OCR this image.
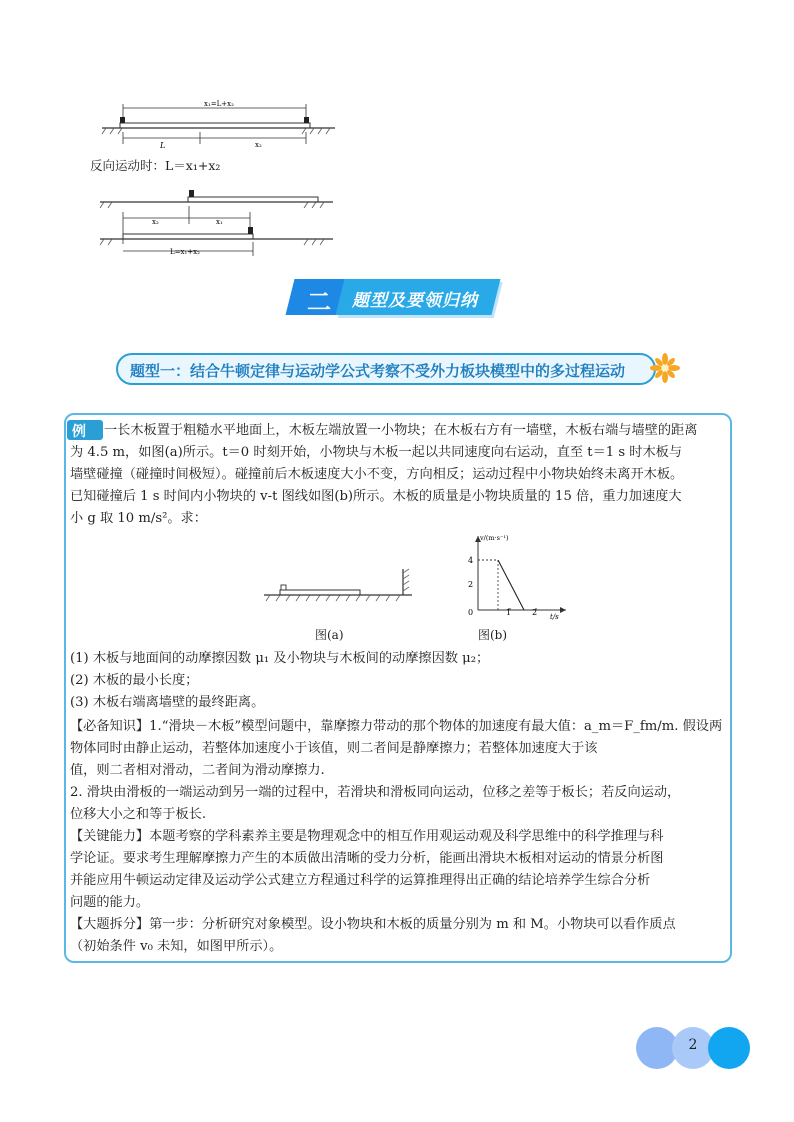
x₁=L+x₂
L	x₂
反向运动时：L＝x₁+x₂
x₂	x₁
L=x₁+x₂
二 题型及要领归纳
题型一：结合牛顿定律与运动学公式考察不受外力板块模型中的多过程运动
例 1 一长木板置于粗糙水平地面上，木板左端放置一小物块；在木板右方有一墙壁，木板右端与墙壁的距离
为 4.5 m，如图(a)所示。t＝0 时刻开始，小物块与木板一起以共同速度向右运动，直至 t＝1 s 时木板与
墙壁碰撞（碰撞时间极短）。碰撞前后木板速度大小不变，方向相反；运动过程中小物块始终未离开木板。
已知碰撞后 1 s 时间内小物块的 v-t 图线如图(b)所示。木板的质量是小物块质量的 15 倍，重力加速度大
小 g 取 10 m/s²。求：
图(a)
v/(m·s⁻¹)
t/s
4
2
0	1	2
图(b)
(1) 木板与地面间的动摩擦因数 μ₁ 及小物块与木板间的动摩擦因数 μ₂；
(2) 木板的最小长度；
(3) 木板右端离墙壁的最终距离。
【必备知识】1.“滑块－木板”模型问题中，靠摩擦力带动的那个物体的加速度有最大值：a_m＝F_fm/m. 假设两
物体同时由静止运动，若整体加速度小于该值，则二者间是静摩擦力；若整体加速度大于该
值，则二者相对滑动，二者间为滑动摩擦力.
2. 滑块由滑板的一端运动到另一端的过程中，若滑块和滑板同向运动，位移之差等于板长；若反向运动，
位移大小之和等于板长.
【关键能力】本题考察的学科素养主要是物理观念中的相互作用观运动观及科学思维中的科学推理与科
学论证。要求考生理解摩擦力产生的本质做出清晰的受力分析，能画出滑块木板相对运动的情景分析图
并能应用牛顿运动定律及运动学公式建立方程通过科学的运算推理得出正确的结论培养学生综合分析
问题的能力。
【大题拆分】第一步：分析研究对象模型。设小物块和木板的质量分别为 m 和 M。小物块可以看作质点
（初始条件 v₀ 未知，如图甲所示）。
2
